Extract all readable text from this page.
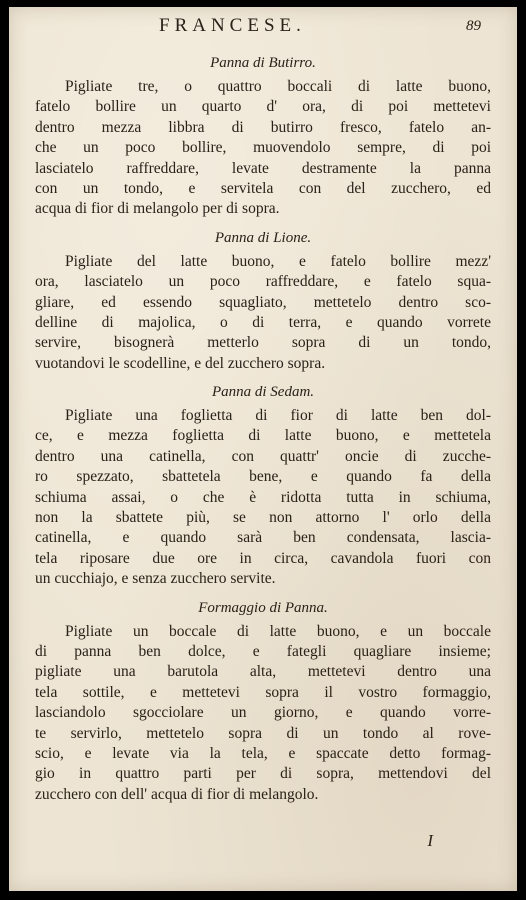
FRANCESE.	89
Panna di Butirro.
Pigliate tre, o quattro boccali di latte buono,
fatelo bollire un quarto d' ora, di poi mettetevi
dentro mezza libbra di butirro fresco, fatelo an-
che un poco bollire, muovendolo sempre, di poi
lasciatelo raffreddare, levate destramente la panna
con un tondo, e servitela con del zucchero, ed
acqua di fior di melangolo per di sopra.
Panna di Lione.
Pigliate del latte buono, e fatelo bollire mezz'
ora, lasciatelo un poco raffreddare, e fatelo squa-
gliare, ed essendo squagliato, mettetelo dentro sco-
delline di majolica, o di terra, e quando vorrete
servire, bisognerà metterlo sopra di un tondo,
vuotandovi le scodelline, e del zucchero sopra.
Panna di Sedam.
Pigliate una foglietta di fior di latte ben dol-
ce, e mezza foglietta di latte buono, e mettetela
dentro una catinella, con quattr' oncie di zucche-
ro spezzato, sbattetela bene, e quando fa della
schiuma assai, o che è ridotta tutta in schiuma,
non la sbattete più, se non attorno l' orlo della
catinella, e quando sarà ben condensata, lascia-
tela riposare due ore in circa, cavandola fuori con
un cucchiajo, e senza zucchero servite.
Formaggio di Panna.
Pigliate un boccale di latte buono, e un boccale
di panna ben dolce, e fategli quagliare insieme;
pigliate una barutola alta, mettetevi dentro una
tela sottile, e mettetevi sopra il vostro formaggio,
lasciandolo sgocciolare un giorno, e quando vorre-
te servirlo, mettetelo sopra di un tondo al rove-
scio, e levate via la tela, e spaccate detto formag-
gio in quattro parti per di sopra, mettendovi del
zucchero con dell' acqua di fior di melangolo.
I
